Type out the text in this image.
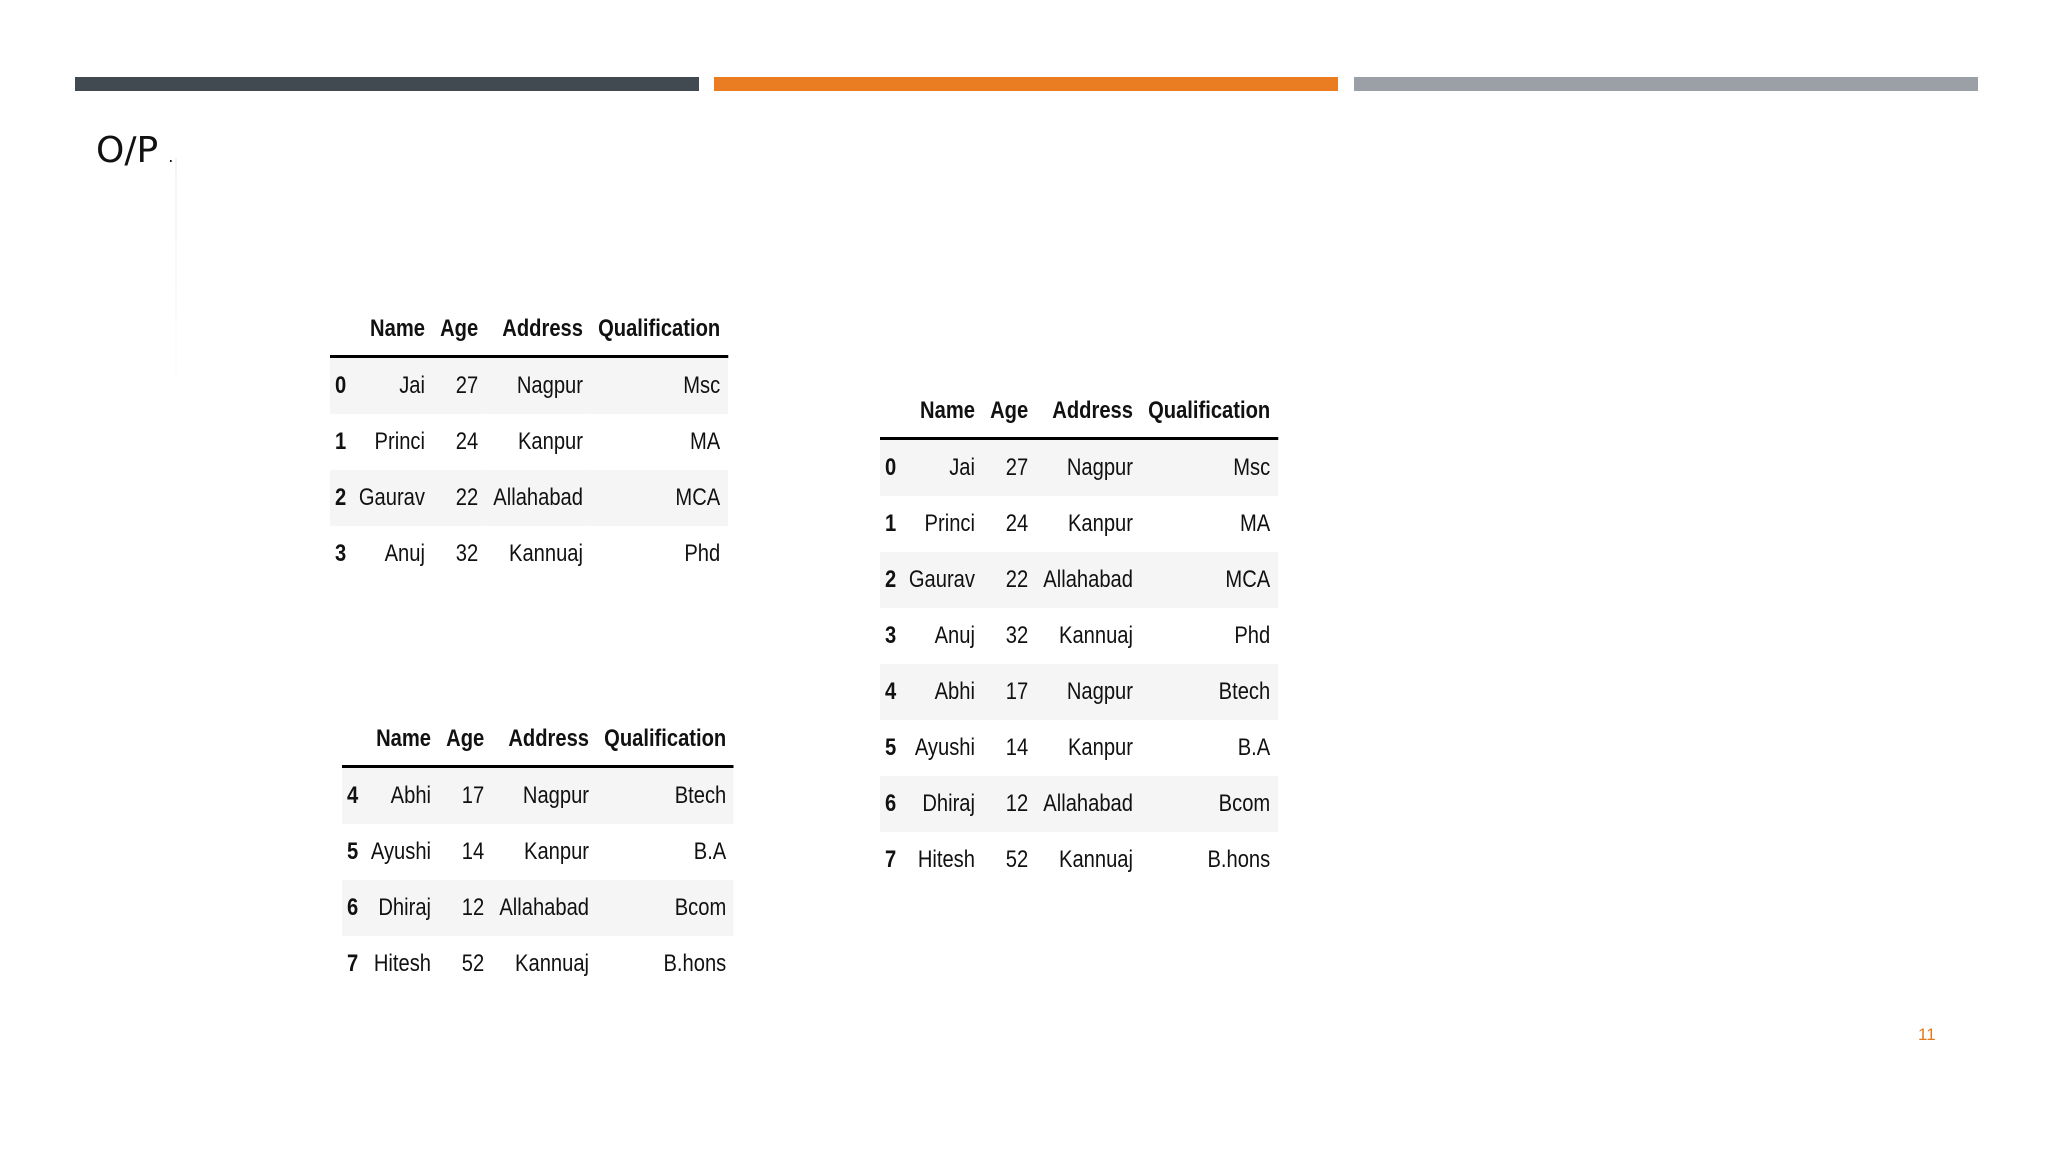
O/P .
	Name	Age	Address	Qualification
0	Jai	27	Nagpur	Msc
1	Princi	24	Kanpur	MA
2	Gaurav	22	Allahabad	MCA
3	Anuj	32	Kannuaj	Phd
	Name	Age	Address	Qualification
4	Abhi	17	Nagpur	Btech
5	Ayushi	14	Kanpur	B.A
6	Dhiraj	12	Allahabad	Bcom
7	Hitesh	52	Kannuaj	B.hons
	Name	Age	Address	Qualification
0	Jai	27	Nagpur	Msc
1	Princi	24	Kanpur	MA
2	Gaurav	22	Allahabad	MCA
3	Anuj	32	Kannuaj	Phd
4	Abhi	17	Nagpur	Btech
5	Ayushi	14	Kanpur	B.A
6	Dhiraj	12	Allahabad	Bcom
7	Hitesh	52	Kannuaj	B.hons
11
